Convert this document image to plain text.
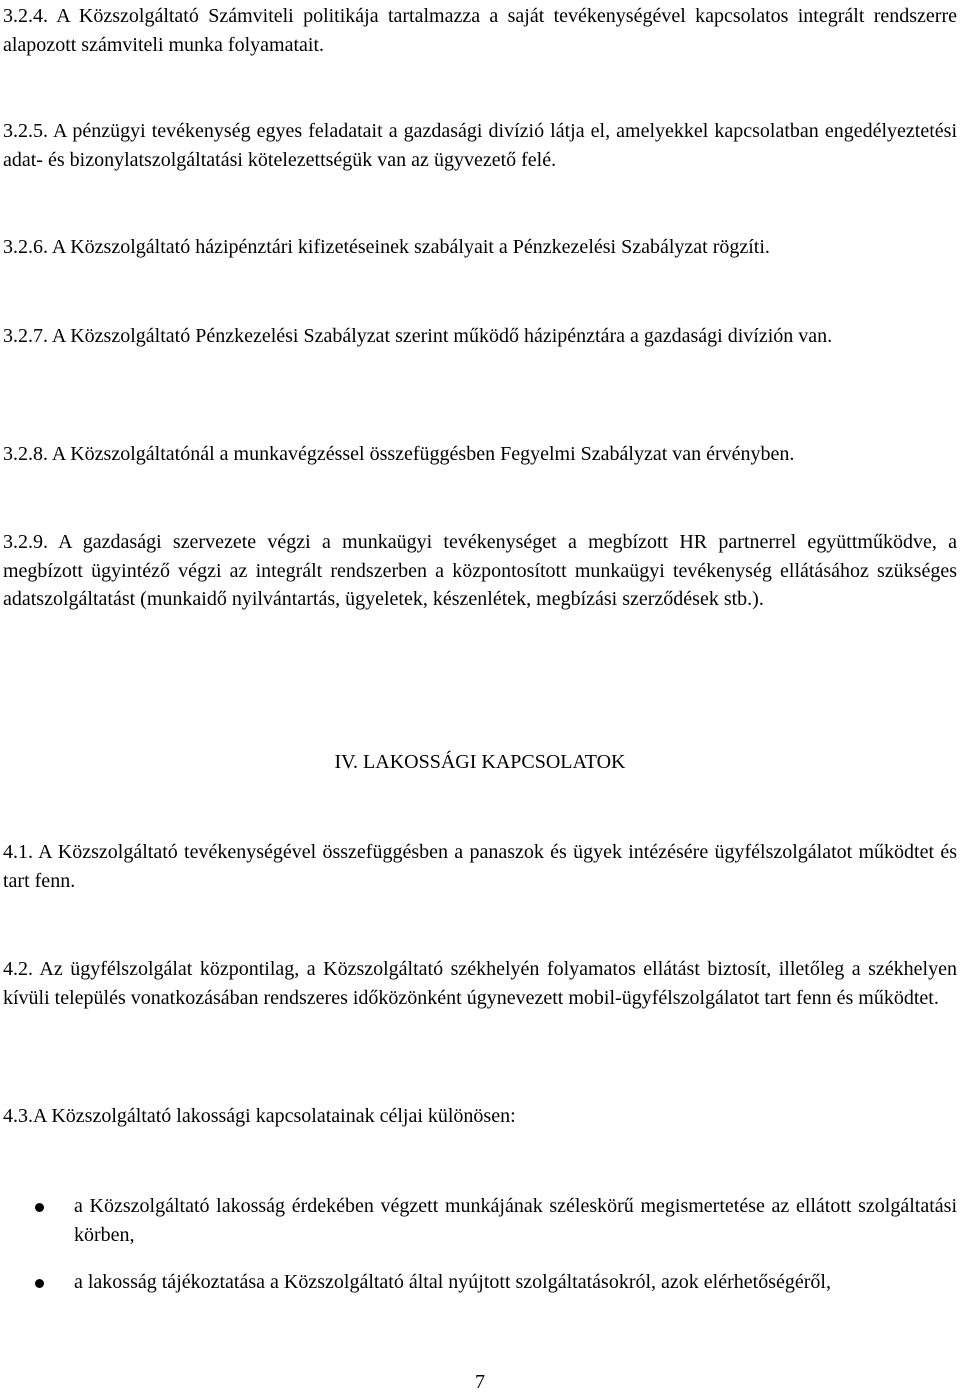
3.2.4. A Közszolgáltató Számviteli politikája tartalmazza a saját tevékenységével kapcsolatos integrált rendszerre alapozott számviteli munka folyamatait.

3.2.5. A pénzügyi tevékenység egyes feladatait a gazdasági divízió látja el, amelyekkel kapcsolatban engedélyeztetési adat- és bizonylatszolgáltatási kötelezettségük van az ügyvezető felé.

3.2.6. A Közszolgáltató házipénztári kifizetéseinek szabályait a Pénzkezelési Szabályzat rögzíti.

3.2.7. A Közszolgáltató Pénzkezelési Szabályzat szerint működő házipénztára a gazdasági divízión van.

3.2.8. A Közszolgáltatónál a munkavégzéssel összefüggésben Fegyelmi Szabályzat van érvényben.

3.2.9. A gazdasági szervezete végzi a munkaügyi tevékenységet a megbízott HR partnerrel együttműködve, a megbízott ügyintéző végzi az integrált rendszerben a központosított munkaügyi tevékenység ellátásához szükséges adatszolgáltatást (munkaidő nyilvántartás, ügyeletek, készenlétek, megbízási szerződések stb.).

IV. LAKOSSÁGI KAPCSOLATOK

4.1. A Közszolgáltató tevékenységével összefüggésben a panaszok és ügyek intézésére ügyfélszolgálatot működtet és tart fenn.

4.2. Az ügyfélszolgálat központilag, a Közszolgáltató székhelyén folyamatos ellátást biztosít, illetőleg a székhelyen kívüli település vonatkozásában rendszeres időközönként úgynevezett mobil-ügyfélszolgálatot tart fenn és működtet.

4.3.A Közszolgáltató lakossági kapcsolatainak céljai különösen:

a Közszolgáltató lakosság érdekében végzett munkájának széleskörű megismertetése az ellátott szolgáltatási körben,

a lakosság tájékoztatása a Közszolgáltató által nyújtott szolgáltatásokról, azok elérhetőségéről,

7
